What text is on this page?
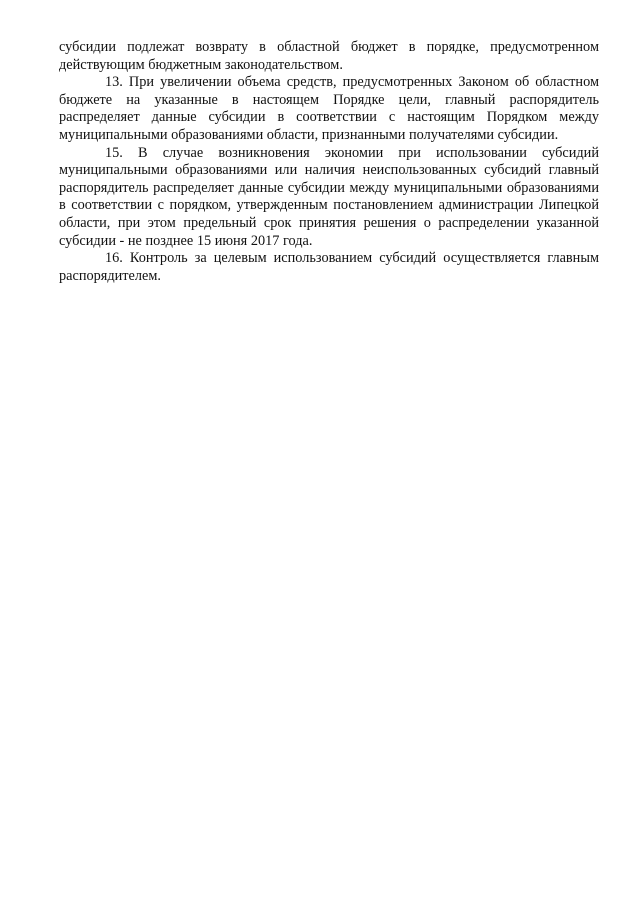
субсидии подлежат возврату в областной бюджет в порядке, предусмотренном действующим бюджетным законодательством.

13. При увеличении объема средств, предусмотренных Законом об областном бюджете на указанные в настоящем Порядке цели, главный распорядитель распределяет данные субсидии в соответствии с настоящим Порядком между муниципальными образованиями области, признанными получателями субсидии.

15. В случае возникновения экономии при использовании субсидий муниципальными образованиями или наличия неиспользованных субсидий главный распорядитель распределяет данные субсидии между муниципальными образованиями в соответствии с порядком, утвержденным постановлением администрации Липецкой области, при этом предельный срок принятия решения о распределении указанной субсидии - не позднее 15 июня 2017 года.

16. Контроль за целевым использованием субсидий осуществляется главным распорядителем.
